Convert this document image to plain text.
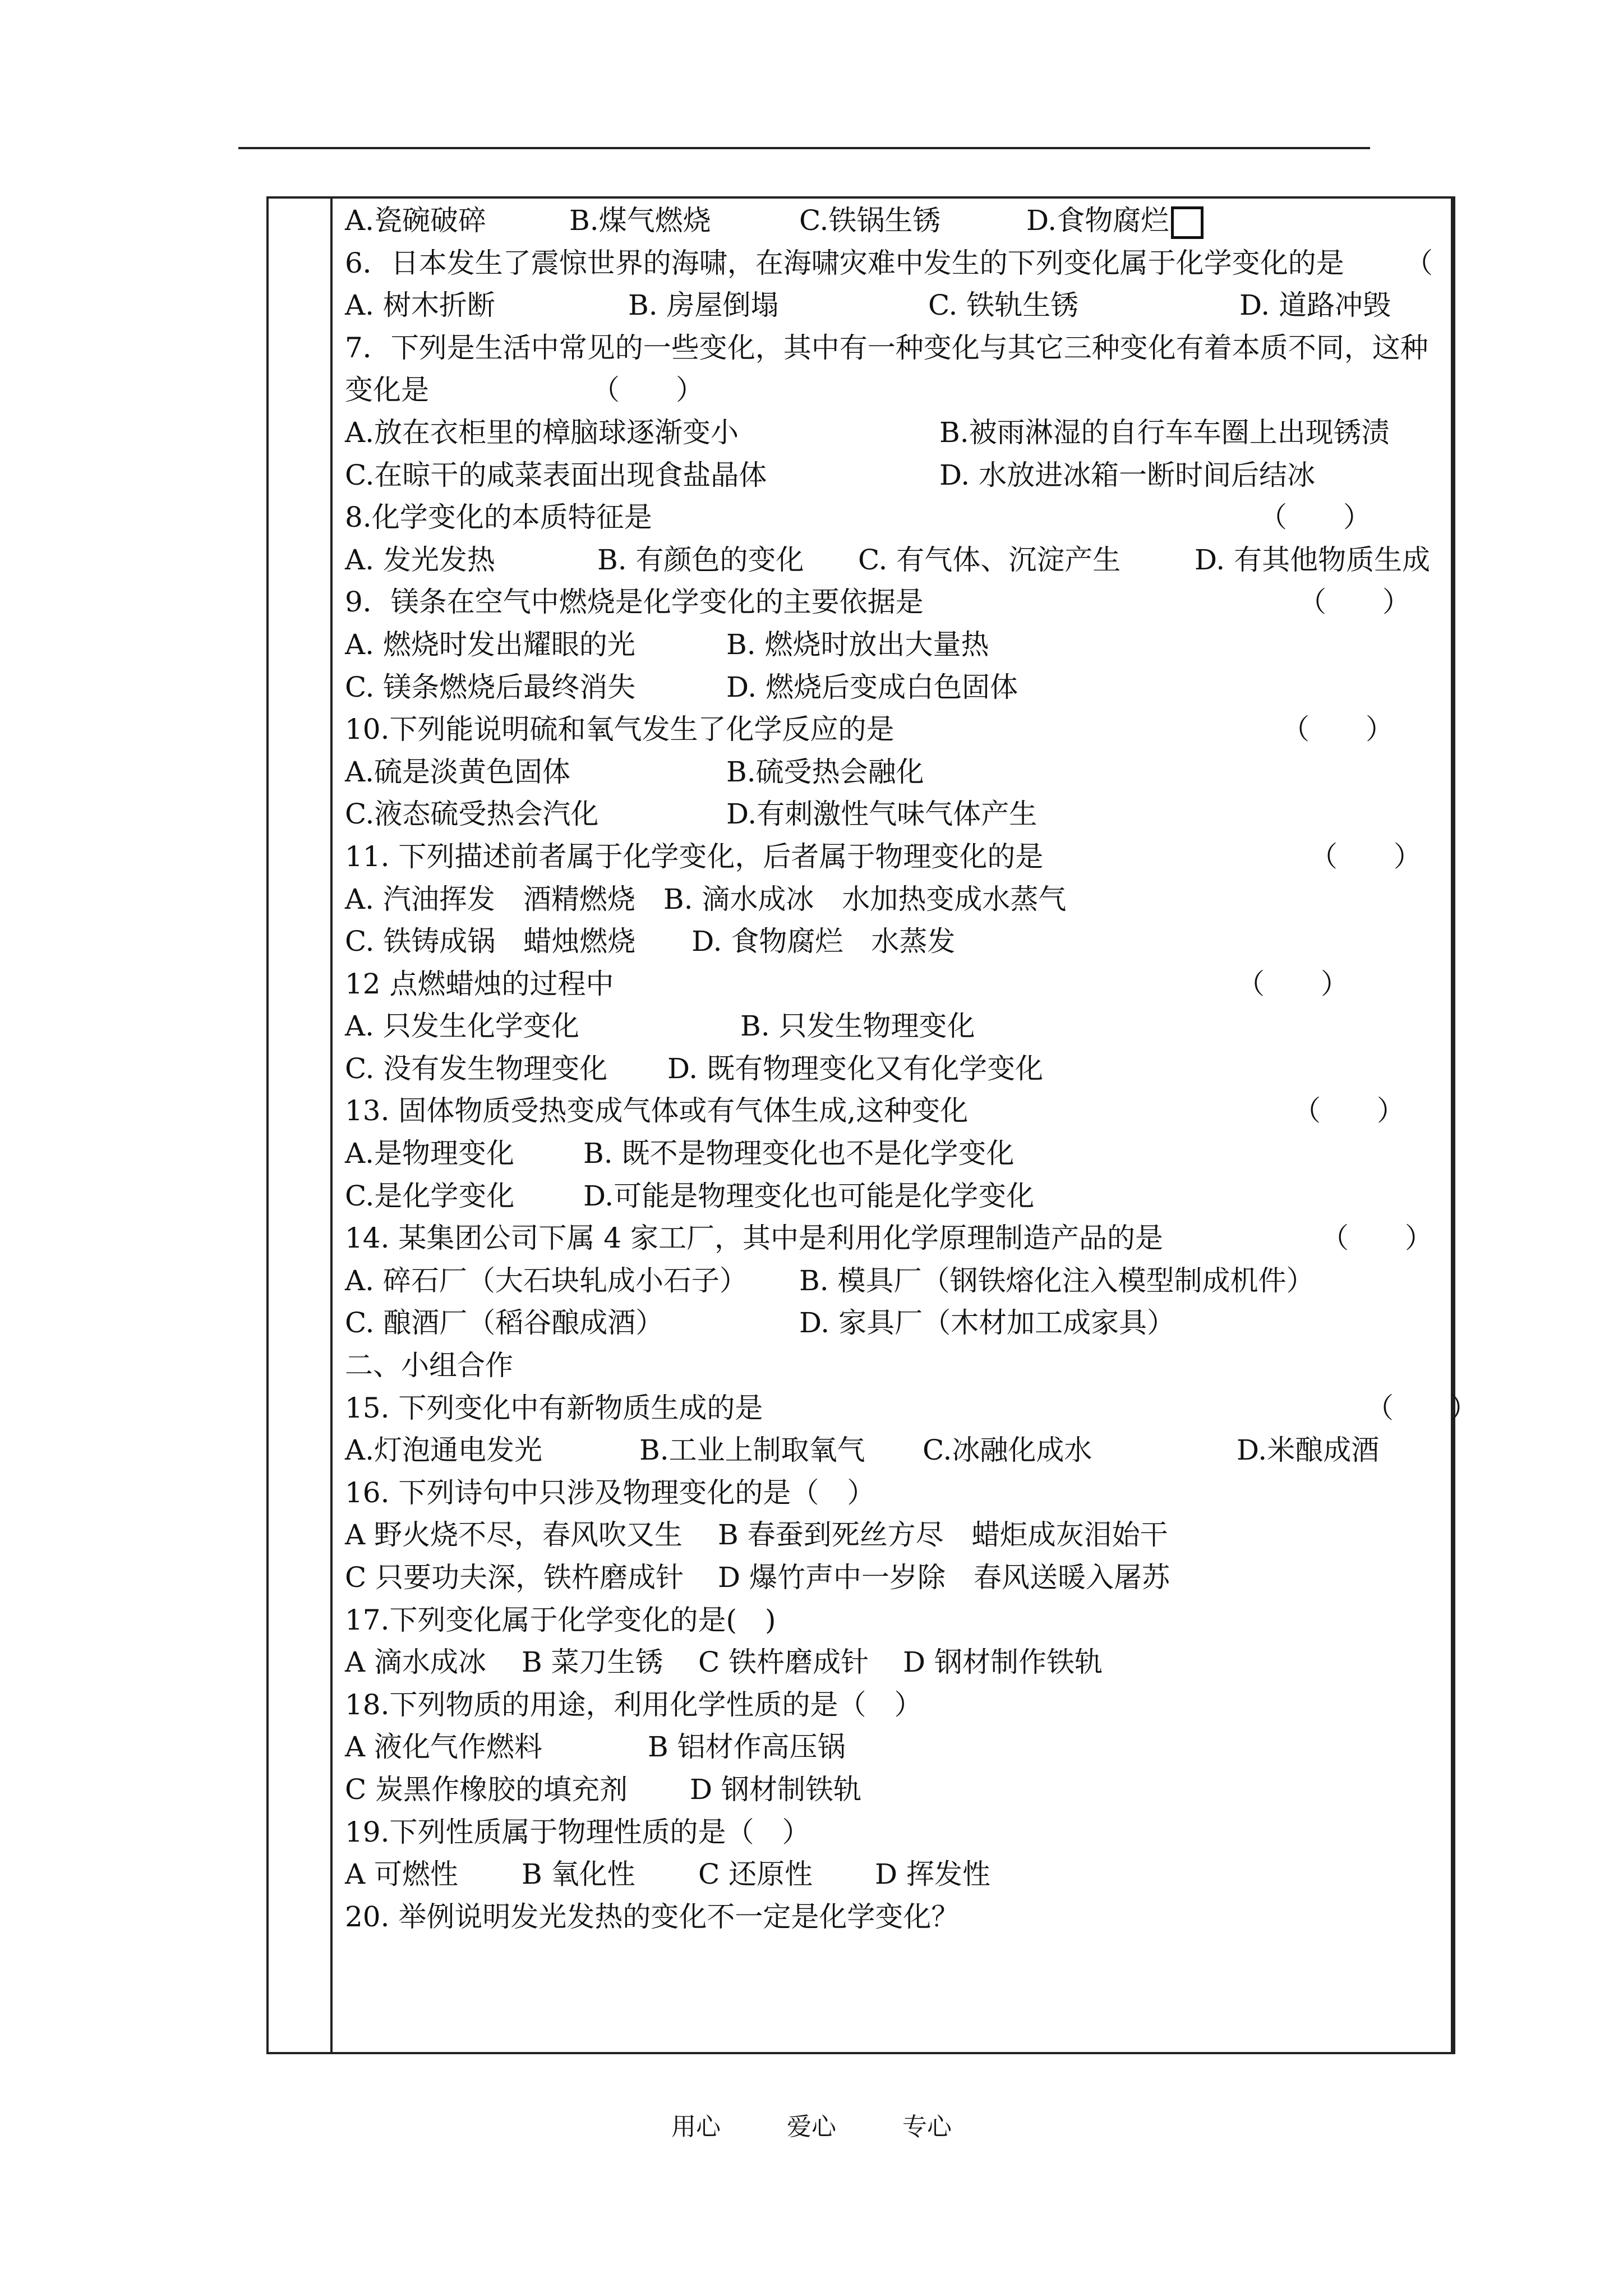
A.瓷碗破碎	B.煤气燃烧	C.铁锅生锈	D.食物腐烂
6．日本发生了震惊世界的海啸，在海啸灾难中发生的下列变化属于化学变化的是 （
A. 树木折断	B. 房屋倒塌	C. 铁轨生锈	D. 道路冲毁
7．下列是生活中常见的一些变化，其中有一种变化与其它三种变化有着本质不同，这种
变化是	（　　）
A.放在衣柜里的樟脑球逐渐变小	B.被雨淋湿的自行车车圈上出现锈渍
C.在晾干的咸菜表面出现食盐晶体	D. 水放进冰箱一断时间后结冰
8.化学变化的本质特征是	（　　）
A. 发光发热	B. 有颜色的变化 C. 有气体、沉淀产生	D. 有其他物质生成
9．镁条在空气中燃烧是化学变化的主要依据是	（　　）
A. 燃烧时发出耀眼的光	B. 燃烧时放出大量热
C. 镁条燃烧后最终消失	D. 燃烧后变成白色固体
10.下列能说明硫和氧气发生了化学反应的是	（　　）
A.硫是淡黄色固体	B.硫受热会融化
C.液态硫受热会汽化	D.有刺激性气味气体产生
11. 下列描述前者属于化学变化，后者属于物理变化的是	（　　）
A. 汽油挥发　酒精燃烧　B. 滴水成冰　水加热变成水蒸气
C. 铁铸成锅　蜡烛燃烧　　D. 食物腐烂　水蒸发
12 点燃蜡烛的过程中	（　　）
A. 只发生化学变化	B. 只发生物理变化
C. 没有发生物理变化 D. 既有物理变化又有化学变化
13. 固体物质受热变成气体或有气体生成,这种变化	（　　）
A.是物理变化 B. 既不是物理变化也不是化学变化
C.是化学变化 D.可能是物理变化也可能是化学变化
14. 某集团公司下属 4 家工厂，其中是利用化学原理制造产品的是	（　　）
A. 碎石厂（大石块轧成小石子） B. 模具厂（钢铁熔化注入模型制成机件）
C. 酿酒厂（稻谷酿成酒）	D. 家具厂（木材加工成家具）
二、小组合作
15. 下列变化中有新物质生成的是	（　　）
A.灯泡通电发光	B.工业上制取氧气 C.冰融化成水	D.米酿成酒
16. 下列诗句中只涉及物理变化的是（　）
A 野火烧不尽，春风吹又生 B 春蚕到死丝方尽　蜡炬成灰泪始干
C 只要功夫深，铁杵磨成针 D 爆竹声中一岁除　春风送暖入屠苏
17.下列变化属于化学变化的是(　)
A 滴水成冰 B 菜刀生锈 C 铁杵磨成针 D 钢材制作铁轨
18.下列物质的用途，利用化学性质的是（　）
A 液化气作燃料	B 铝材作高压锅
C 炭黑作橡胶的填充剂 D 钢材制铁轨
19.下列性质属于物理性质的是（　）
A 可燃性 B 氧化性 C 还原性 D 挥发性
20. 举例说明发光发热的变化不一定是化学变化？
用心	爱心	专心
